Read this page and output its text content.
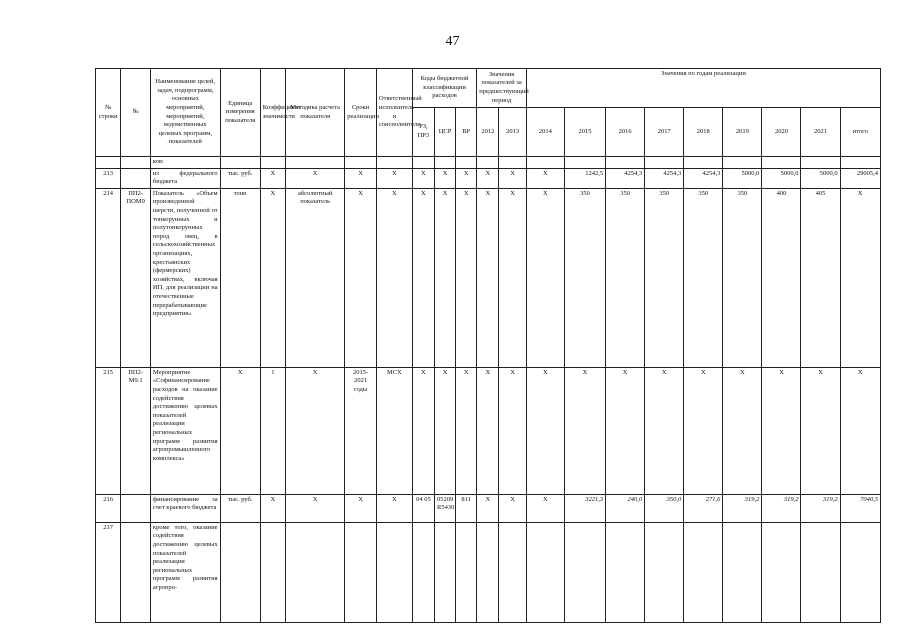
47
№ строки	№	Наименование целей, задач, подпрограмм, основных мероприятий, мероприятий, ведомственных целевых программ, показателей	Единица измерения показателя	Коэффициент значимости	Методика расчета показателя	Сроки реализации	Ответственный исполнитель и соисполнители	Коды бюджетной классификации расходов			Значения показателей за предшествующий период		Значения по годам реализации								
								РЗ, ПР3	ЦСР	ВР	2012	2013	2014	2015	2016	2017	2018	2019	2020	2021	итого
		ков:																			
213		из федерального бюджета	тыс. руб.	X	X	X	X	X	X	X	X	X	X	1242,5	4254,3	4254,3	4254,3	5000,0	5000,0	5000,0	29005,4
214	ПП2-ПОМ9	Показатель «Объем произведенной шерсти, полученной от тонкорунных и полутонкорунных пород овец, в сельскохозяйственных организациях, крестьянских (фермерских) хозяйствах, включая ИП, для реализации на отечественные перерабатывающие предприятия»	тонн	X	абсолютный показатель	X	X	X	X	X	X	X	X	350	350	350	350	350	400	405	X
215	ПП2-М9.1	Мероприятие «Софинансирование расходов на оказание содействия достижению целевых показателей реализации региональных программ развития агропромышленного комплекса»	X	1	X	2015-2021 годы	МСХ	X	X	X	X	X	X	X	X	X	X	X	X	X	X
216		финансирование за счет краевого бюджета	тыс. руб.	X	X	X	X	04 05	05209 R5430	811	X	X	X	3221,3	240,0	350,0	271,6	319,2	319,2	319,2	7040,5
217		кроме того, оказание содействия достижению целевых показателей реализации региональных программ развития агропро-																			
